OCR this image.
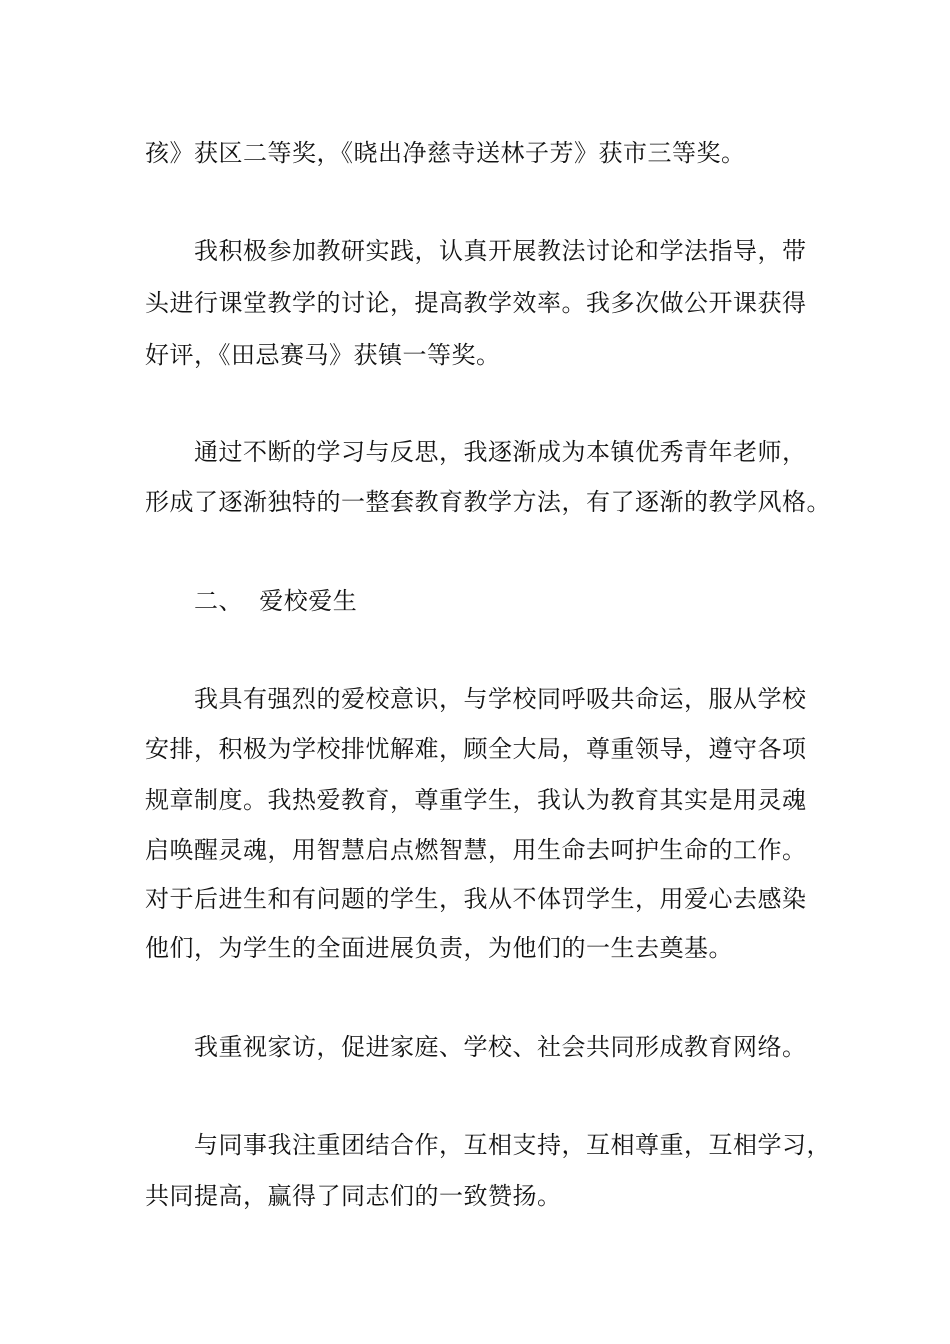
孩》获区二等奖，《晓出净慈寺送林子芳》获市三等奖。
我积极参加教研实践，认真开展教法讨论和学法指导，带
头进行课堂教学的讨论，提高教学效率。我多次做公开课获得
好评，《田忌赛马》获镇一等奖。
通过不断的学习与反思，我逐渐成为本镇优秀青年老师，
形成了逐渐独特的一整套教育教学方法，有了逐渐的教学风格。
二、  爱校爱生
我具有强烈的爱校意识，与学校同呼吸共命运，服从学校
安排，积极为学校排忧解难，顾全大局，尊重领导，遵守各项
规章制度。我热爱教育，尊重学生，我认为教育其实是用灵魂
启唤醒灵魂，用智慧启点燃智慧，用生命去呵护生命的工作。
对于后进生和有问题的学生，我从不体罚学生，用爱心去感染
他们，为学生的全面进展负责，为他们的一生去奠基。
我重视家访，促进家庭、学校、社会共同形成教育网络。
与同事我注重团结合作，互相支持，互相尊重，互相学习，
共同提高，赢得了同志们的一致赞扬。
